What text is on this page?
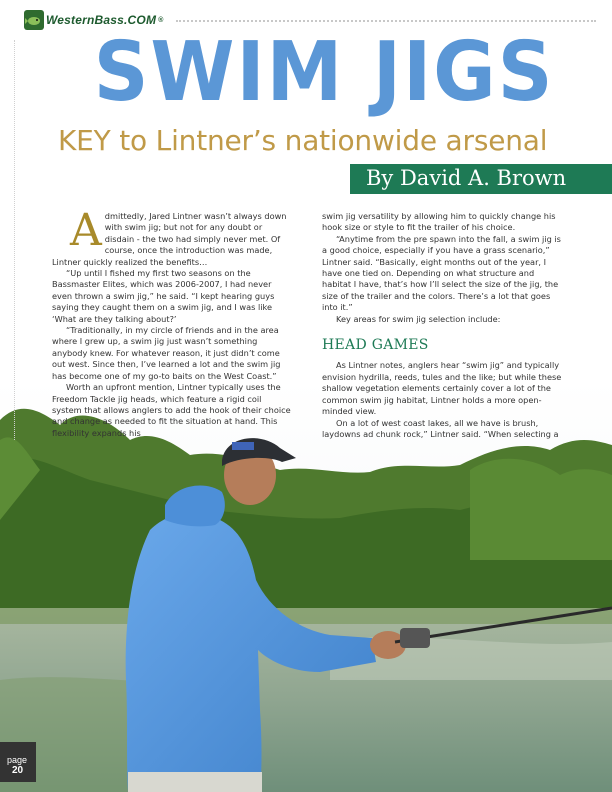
WesternBass.COM ®
SWIM JIGS
KEY to Lintner’s nationwide arsenal
By David A. Brown

Admittedly, Jared Lintner wasn’t always down with swim jig; but not for any doubt or disdain - the two had simply never met. Of course, once the introduction was made, Lintner quickly realized the benefits…

“Up until I fished my first two seasons on the Bassmaster Elites, which was 2006-2007, I had never even thrown a swim jig,” he said. “I kept hearing guys saying they caught them on a swim jig, and I was like ‘What are they talking about?’

“Traditionally, in my circle of friends and in the area where I grew up, a swim jig just wasn’t something anybody knew. For whatever reason, it just didn’t come out west. Since then, I’ve learned a lot and the swim jig has become one of my go-to baits on the West Coast.”

Worth an upfront mention, Lintner typically uses the Freedom Tackle jig heads, which feature a rigid coil system that allows anglers to add the hook of their choice and change as needed to fit the situation at hand. This flexibility expands his

swim jig versatility by allowing him to quickly change his hook size or style to fit the trailer of his choice.

“Anytime from the pre spawn into the fall, a swim jig is a good choice, especially if you have a grass scenario,” Lintner said. “Basically, eight months out of the year, I have one tied on. Depending on what structure and habitat I have, that’s how I’ll select the size of the jig, the size of the trailer and the colors. There’s a lot that goes into it.”

Key areas for swim jig selection include:

HEAD GAMES

As Lintner notes, anglers hear “swim jig” and typically envision hydrilla, reeds, tules and the like; but while these shallow vegetation elements certainly cover a lot of the common swim jig habitat, Lintner holds a more open-minded view.

On a lot of west coast lakes, all we have is brush, laydowns ad chunk rock,” Lintner said. “When selecting a

page
20
